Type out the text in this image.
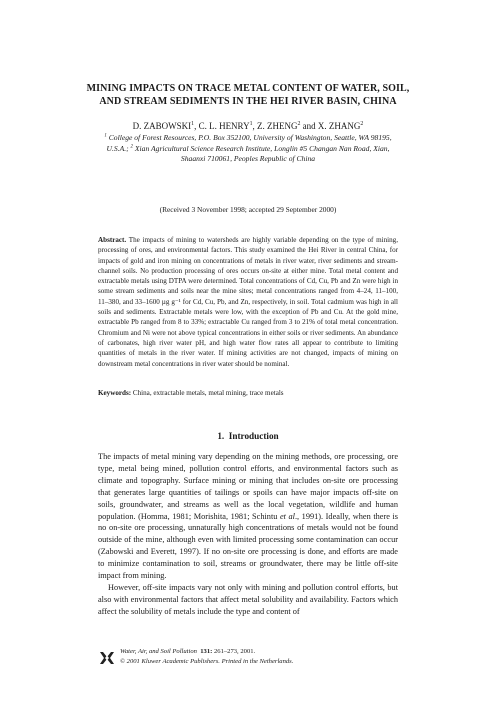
MINING IMPACTS ON TRACE METAL CONTENT OF WATER, SOIL,
AND STREAM SEDIMENTS IN THE HEI RIVER BASIN, CHINA
D. ZABOWSKI$^1$, C. L. HENRY$^1$, Z. ZHENG$^2$ and X. ZHANG$^2$
$^1$ College of Forest Resources, P.O. Box 352100, University of Washington, Seattle, WA 98195, U.S.A.; $^2$ Xian Agricultural Science Research Institute, Longlin #5 Changan Nan Road, Xian, Shaanxi 710061, Peoples Republic of China
(Received 3 November 1998; accepted 29 September 2000)
Abstract. The impacts of mining to watersheds are highly variable depending on the type of mining, processing of ores, and environmental factors. This study examined the Hei River in central China, for impacts of gold and iron mining on concentrations of metals in river water, river sediments and stream-channel soils. No production processing of ores occurs on-site at either mine. Total metal content and extractable metals using DTPA were determined. Total concentrations of Cd, Cu, Pb and Zn were high in some stream sediments and soils near the mine sites; metal concentrations ranged from 4–24, 11–100, 11–380, and 33–1600 µg g⁻¹ for Cd, Cu, Pb, and Zn, respectively, in soil. Total cadmium was high in all soils and sediments. Extractable metals were low, with the exception of Pb and Cu. At the gold mine, extractable Pb ranged from 8 to 33%; extractable Cu ranged from 3 to 21% of total metal concentration. Chromium and Ni were not above typical concentrations in either soils or river sediments. An abundance of carbonates, high river water pH, and high water flow rates all appear to contribute to limiting quantities of metals in the river water. If mining activities are not changed, impacts of mining on downstream metal concentrations in river water should be nominal.
Keywords: China, extractable metals, metal mining, trace metals
1. Introduction

The impacts of metal mining vary depending on the mining methods, ore processing, ore type, metal being mined, pollution control efforts, and environmental factors such as climate and topography. Surface mining or mining that includes on-site ore processing that generates large quantities of tailings or spoils can have major impacts off-site on soils, groundwater, and streams as well as the local vegetation, wildlife and human population. (Homma, 1981; Morishita, 1981; Schintu et al., 1991). Ideally, when there is no on-site ore processing, unnaturally high concentrations of metals would not be found outside of the mine, although even with limited processing some contamination can occur (Zabowski and Everett, 1997). If no on-site ore processing is done, and efforts are made to minimize contamination to soil, streams or groundwater, there may be little off-site impact from mining.

However, off-site impacts vary not only with mining and pollution control efforts, but also with environmental factors that affect metal solubility and availability. Factors which affect the solubility of metals include the type and content of

Water, Air, and Soil Pollution 131: 261–273, 2001.
© 2001 Kluwer Academic Publishers. Printed in the Netherlands.
